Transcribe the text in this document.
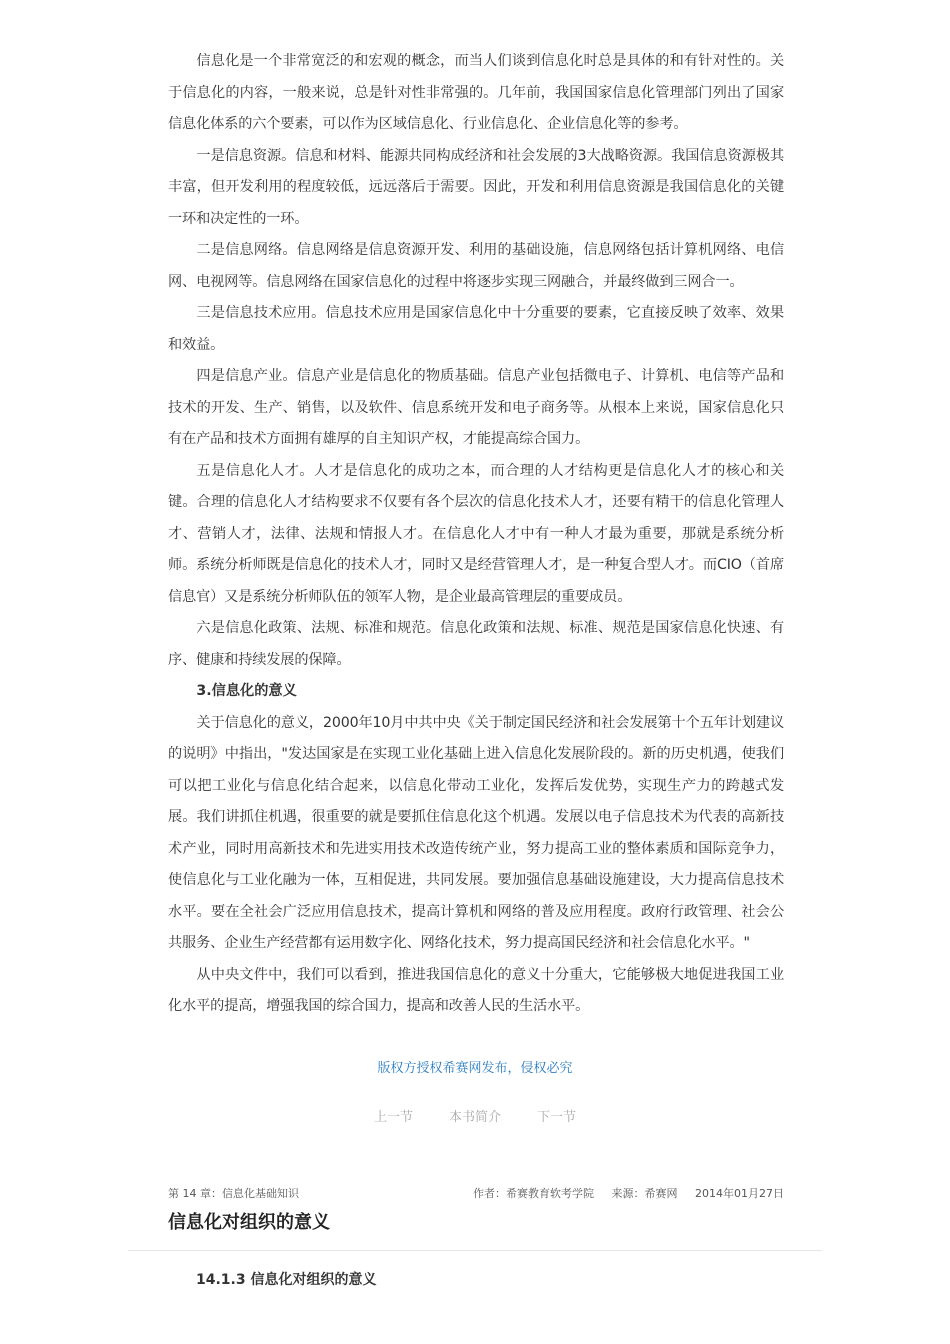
信息化是一个非常宽泛的和宏观的概念，而当人们谈到信息化时总是具体的和有针对性的。关于信息化的内容，一般来说，总是针对性非常强的。几年前，我国国家信息化管理部门列出了国家信息化体系的六个要素，可以作为区域信息化、行业信息化、企业信息化等的参考。

一是信息资源。信息和材料、能源共同构成经济和社会发展的3大战略资源。我国信息资源极其丰富，但开发利用的程度较低，远远落后于需要。因此，开发和利用信息资源是我国信息化的关键一环和决定性的一环。

二是信息网络。信息网络是信息资源开发、利用的基础设施，信息网络包括计算机网络、电信网、电视网等。信息网络在国家信息化的过程中将逐步实现三网融合，并最终做到三网合一。

三是信息技术应用。信息技术应用是国家信息化中十分重要的要素，它直接反映了效率、效果和效益。

四是信息产业。信息产业是信息化的物质基础。信息产业包括微电子、计算机、电信等产品和技术的开发、生产、销售，以及软件、信息系统开发和电子商务等。从根本上来说，国家信息化只有在产品和技术方面拥有雄厚的自主知识产权，才能提高综合国力。

五是信息化人才。人才是信息化的成功之本，而合理的人才结构更是信息化人才的核心和关键。合理的信息化人才结构要求不仅要有各个层次的信息化技术人才，还要有精干的信息化管理人才、营销人才，法律、法规和情报人才。在信息化人才中有一种人才最为重要，那就是系统分析师。系统分析师既是信息化的技术人才，同时又是经营管理人才，是一种复合型人才。而CIO（首席信息官）又是系统分析师队伍的领军人物，是企业最高管理层的重要成员。

六是信息化政策、法规、标准和规范。信息化政策和法规、标准、规范是国家信息化快速、有序、健康和持续发展的保障。

3.信息化的意义

关于信息化的意义，2000年10月中共中央《关于制定国民经济和社会发展第十个五年计划建议的说明》中指出，"发达国家是在实现工业化基础上进入信息化发展阶段的。新的历史机遇，使我们可以把工业化与信息化结合起来，以信息化带动工业化，发挥后发优势，实现生产力的跨越式发展。我们讲抓住机遇，很重要的就是要抓住信息化这个机遇。发展以电子信息技术为代表的高新技术产业，同时用高新技术和先进实用技术改造传统产业，努力提高工业的整体素质和国际竞争力，使信息化与工业化融为一体，互相促进，共同发展。要加强信息基础设施建设，大力提高信息技术水平。要在全社会广泛应用信息技术，提高计算机和网络的普及应用程度。政府行政管理、社会公共服务、企业生产经营都有运用数字化、网络化技术，努力提高国民经济和社会信息化水平。"

从中央文件中，我们可以看到，推进我国信息化的意义十分重大，它能够极大地促进我国工业化水平的提高，增强我国的综合国力，提高和改善人民的生活水平。

版权方授权希赛网发布，侵权必究
上一节	本书简介	下一节
第 14 章：信息化基础知识	作者：希赛教育软考学院 来源：希赛网 2014年01月27日
信息化对组织的意义
14.1.3 信息化对组织的意义
